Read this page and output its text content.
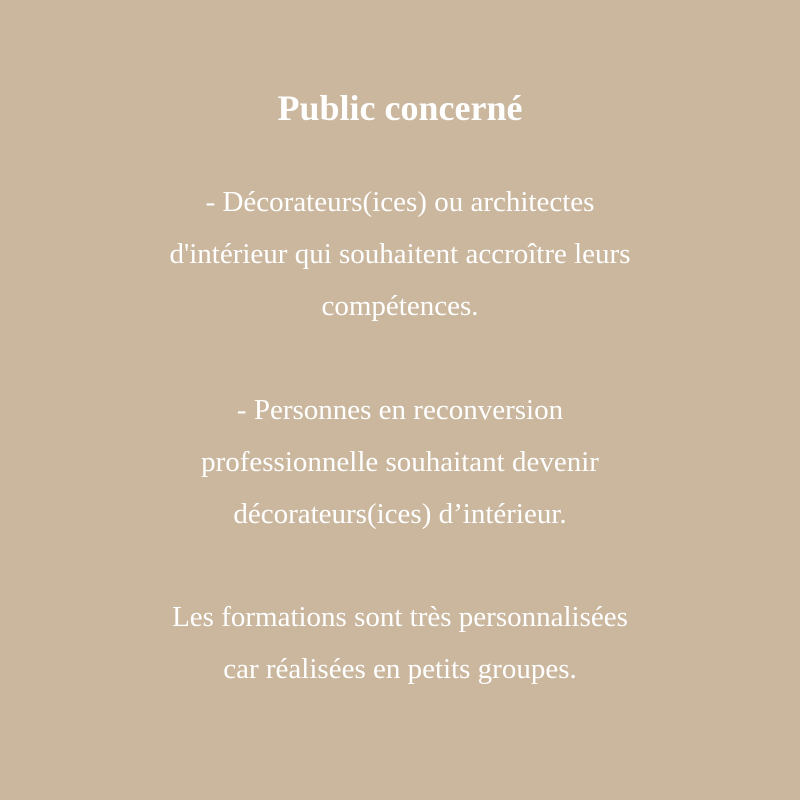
Public concerné
- Décorateurs(ices) ou architectes
d'intérieur qui souhaitent accroître leurs
compétences.
- Personnes en reconversion
professionnelle souhaitant devenir
décorateurs(ices) d’intérieur.
Les formations sont très personnalisées
car réalisées en petits groupes.
